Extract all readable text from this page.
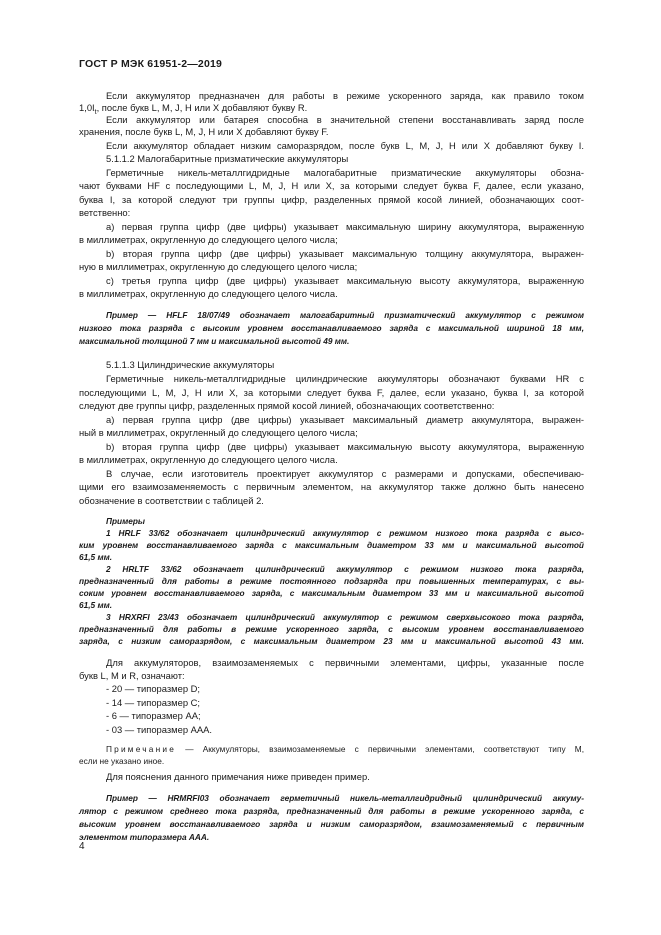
ГОСТ Р МЭК 61951-2—2019
Если аккумулятор предназначен для работы в режиме ускоренного заряда, как правило током
$1,0I_t$, после букв L, M, J, H или X добавляют букву R.
Если аккумулятор или батарея способна в значительной степени восстанавливать заряд после
хранения, после букв L, M, J, H или X добавляют букву F.
Если аккумулятор обладает низким саморазрядом, после букв L, M, J, H или X добавляют букву I.
5.1.1.2 Малогабаритные призматические аккумуляторы
Герметичные никель-металлгидридные малогабаритные призматические аккумуляторы обозна-
чают буквами HF с последующими L, M, J, H или X, за которыми следует буква F, далее, если указано,
буква I, за которой следуют три группы цифр, разделенных прямой косой линией, обозначающих соот-
ветственно:
а) первая группа цифр (две цифры) указывает максимальную ширину аккумулятора, выраженную
в миллиметрах, округленную до следующего целого числа;
b) вторая группа цифр (две цифры) указывает максимальную толщину аккумулятора, выражен-
ную в миллиметрах, округленную до следующего целого числа;
c) третья группа цифр (две цифры) указывает максимальную высоту аккумулятора, выраженную
в миллиметрах, округленную до следующего целого числа.
Пример — HFLF 18/07/49 обозначает малогабаритный призматический аккумулятор с режимом
низкого тока разряда с высоким уровнем восстанавливаемого заряда с максимальной шириной 18 мм,
максимальной толщиной 7 мм и максимальной высотой 49 мм.
5.1.1.3 Цилиндрические аккумуляторы
Герметичные никель-металлгидридные цилиндрические аккумуляторы обозначают буквами HR с
последующими L, M, J, H или X, за которыми следует буква F, далее, если указано, буква I, за которой
следуют две группы цифр, разделенных прямой косой линией, обозначающих соответственно:
а) первая группа цифр (две цифры) указывает максимальный диаметр аккумулятора, выражен-
ный в миллиметрах, округленный до следующего целого числа;
b) вторая группа цифр (две цифры) указывает максимальную высоту аккумулятора, выраженную
в миллиметрах, округленную до следующего целого числа.
В случае, если изготовитель проектирует аккумулятор с размерами и допусками, обеспечиваю-
щими его взаимозаменяемость с первичным элементом, на аккумулятор также должно быть нанесено
обозначение в соответствии с таблицей 2.
Примеры
1 HRLF 33/62 обозначает цилиндрический аккумулятор с режимом низкого тока разряда с высо-
ким уровнем восстанавливаемого заряда с максимальным диаметром 33 мм и максимальной высотой
61,5 мм.
2 HRLTF 33/62 обозначает цилиндрический аккумулятор с режимом низкого тока разряда,
предназначенный для работы в режиме постоянного подзаряда при повышенных температурах, с вы-
соким уровнем восстанавливаемого заряда, с максимальным диаметром 33 мм и максимальной высотой
61,5 мм.
3 HRXRFI 23/43 обозначает цилиндрический аккумулятор с режимом сверхвысокого тока разряда,
предназначенный для работы в режиме ускоренного заряда, с высоким уровнем восстанавливаемого
заряда, с низким саморазрядом, с максимальным диаметром 23 мм и максимальной высотой 43 мм.
Для аккумуляторов, взаимозаменяемых с первичными элементами, цифры, указанные после
букв L, M и R, означают:
- 20 — типоразмер D;
- 14 — типоразмер C;
- 6 — типоразмер AA;
- 03 — типоразмер AAA.
Примечание — Аккумуляторы, взаимозаменяемые с первичными элементами, соответствуют типу M,
если не указано иное.
Для пояснения данного примечания ниже приведен пример.
Пример — HRMRFI03 обозначает герметичный никель-металлгидридный цилиндрический аккуму-
лятор с режимом среднего тока разряда, предназначенный для работы в режиме ускоренного заряда, с
высоким уровнем восстанавливаемого заряда и низким саморазрядом, взаимозаменяемый с первичным
элементом типоразмера AAA.
4
